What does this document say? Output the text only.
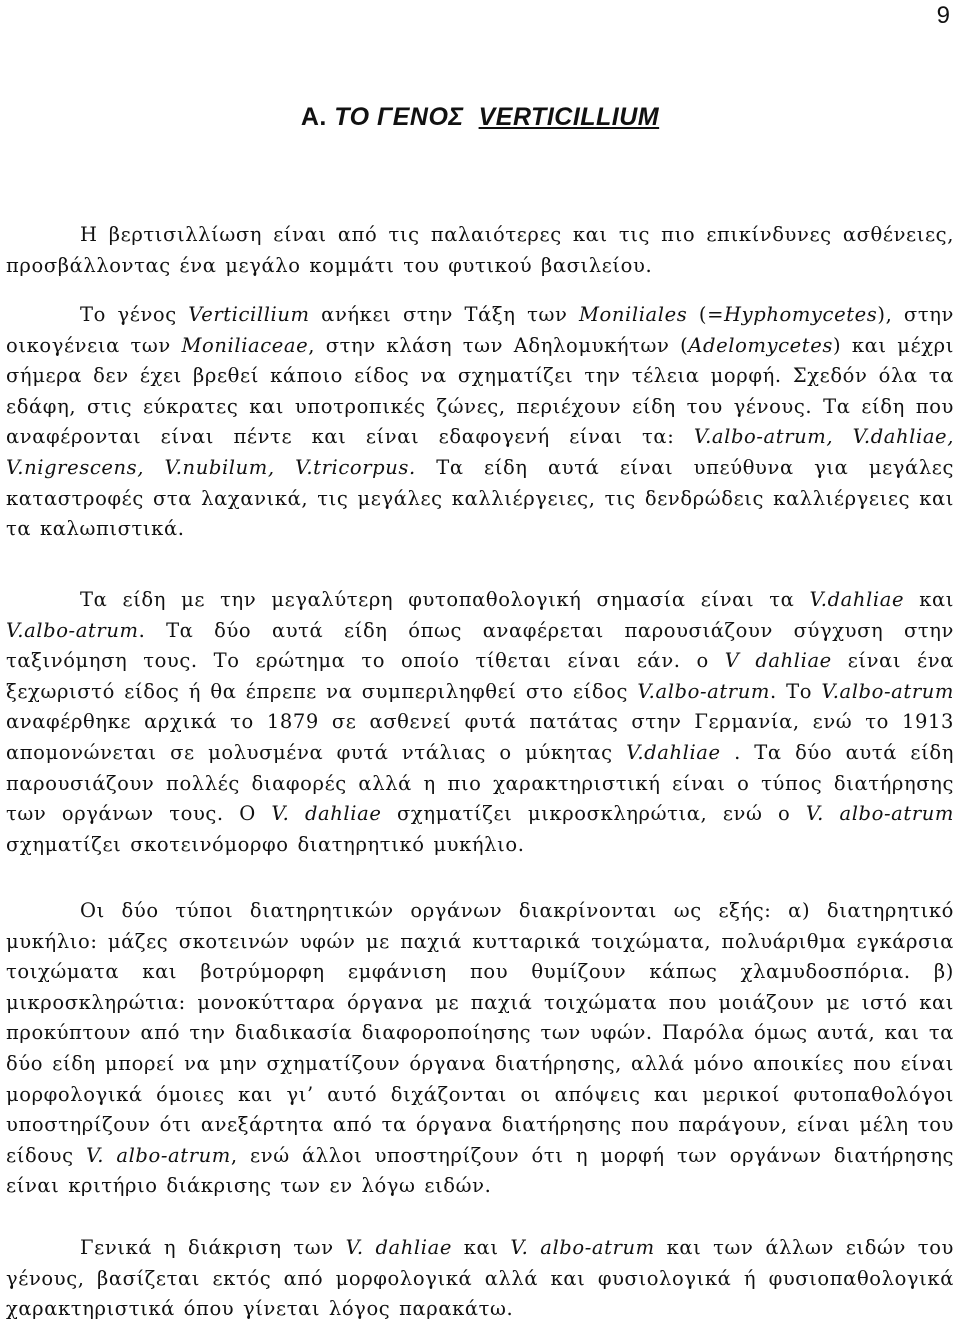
9
Α. ΤΟ ΓΕΝΟΣ VERTICILLIUM

Η βερτισιλλίωση είναι από τις παλαιότερες και τις πιο επικίνδυνες ασθένειες, προσβάλλοντας ένα μεγάλο κομμάτι του φυτικού βασιλείου.

Το γένος Verticillium ανήκει στην Τάξη των Moniliales (=Hyphomycetes), στην οικογένεια των Moniliaceae, στην κλάση των Αδηλομυκήτων (Adelomycetes) και μέχρι σήμερα δεν έχει βρεθεί κάποιο είδος να σχηματίζει την τέλεια μορφή. Σχεδόν όλα τα εδάφη, στις εύκρατες και υποτροπικές ζώνες, περιέχουν είδη του γένους. Τα είδη που αναφέρονται είναι πέντε και είναι εδαφογενή είναι τα: V.albo-atrum, V.dahliae, V.nigrescens, V.nubilum, V.tricorpus. Τα είδη αυτά είναι υπεύθυνα για μεγάλες καταστροφές στα λαχανικά, τις μεγάλες καλλιέργειες, τις δενδρώδεις καλλιέργειες και τα καλωπιστικά.

Τα είδη με την μεγαλύτερη φυτοπαθολογική σημασία είναι τα V.dahliae και V.albo-atrum. Τα δύο αυτά είδη όπως αναφέρεται παρουσιάζουν σύγχυση στην ταξινόμηση τους. Το ερώτημα το οποίο τίθεται είναι εάν. ο V dahliae είναι ένα ξεχωριστό είδος ή θα έπρεπε να συμπεριληφθεί στο είδος V.albo-atrum. Το V.albo-atrum αναφέρθηκε αρχικά το 1879 σε ασθενεί φυτά πατάτας στην Γερμανία, ενώ το 1913 απομονώνεται σε μολυσμένα φυτά ντάλιας ο μύκητας V.dahliae . Τα δύο αυτά είδη παρουσιάζουν πολλές διαφορές αλλά η πιο χαρακτηριστική είναι ο τύπος διατήρησης των οργάνων τους. Ο V. dahliae σχηματίζει μικροσκληρώτια, ενώ ο V. albo-atrum σχηματίζει σκοτεινόμορφο διατηρητικό μυκήλιο.

Οι δύο τύποι διατηρητικών οργάνων διακρίνονται ως εξής: α) διατηρητικό μυκήλιο: μάζες σκοτεινών υφών με παχιά κυτταρικά τοιχώματα, πολυάριθμα εγκάρσια τοιχώματα και βοτρύμορφη εμφάνιση που θυμίζουν κάπως χλαμυδοσπόρια. β) μικροσκληρώτια: μονοκύτταρα όργανα με παχιά τοιχώματα που μοιάζουν με ιστό και προκύπτουν από την διαδικασία διαφοροποίησης των υφών. Παρόλα όμως αυτά, και τα δύο είδη μπορεί να μην σχηματίζουν όργανα διατήρησης, αλλά μόνο αποικίες που είναι μορφολογικά όμοιες και γι’ αυτό διχάζονται οι απόψεις και μερικοί φυτοπαθολόγοι υποστηρίζουν ότι ανεξάρτητα από τα όργανα διατήρησης που παράγουν, είναι μέλη του είδους V. albo-atrum, ενώ άλλοι υποστηρίζουν ότι η μορφή των οργάνων διατήρησης είναι κριτήριο διάκρισης των εν λόγω ειδών.

Γενικά η διάκριση των V. dahliae και V. albo-atrum και των άλλων ειδών του γένους, βασίζεται εκτός από μορφολογικά αλλά και φυσιολογικά ή φυσιοπαθολογικά χαρακτηριστικά όπου γίνεται λόγος παρακάτω.
